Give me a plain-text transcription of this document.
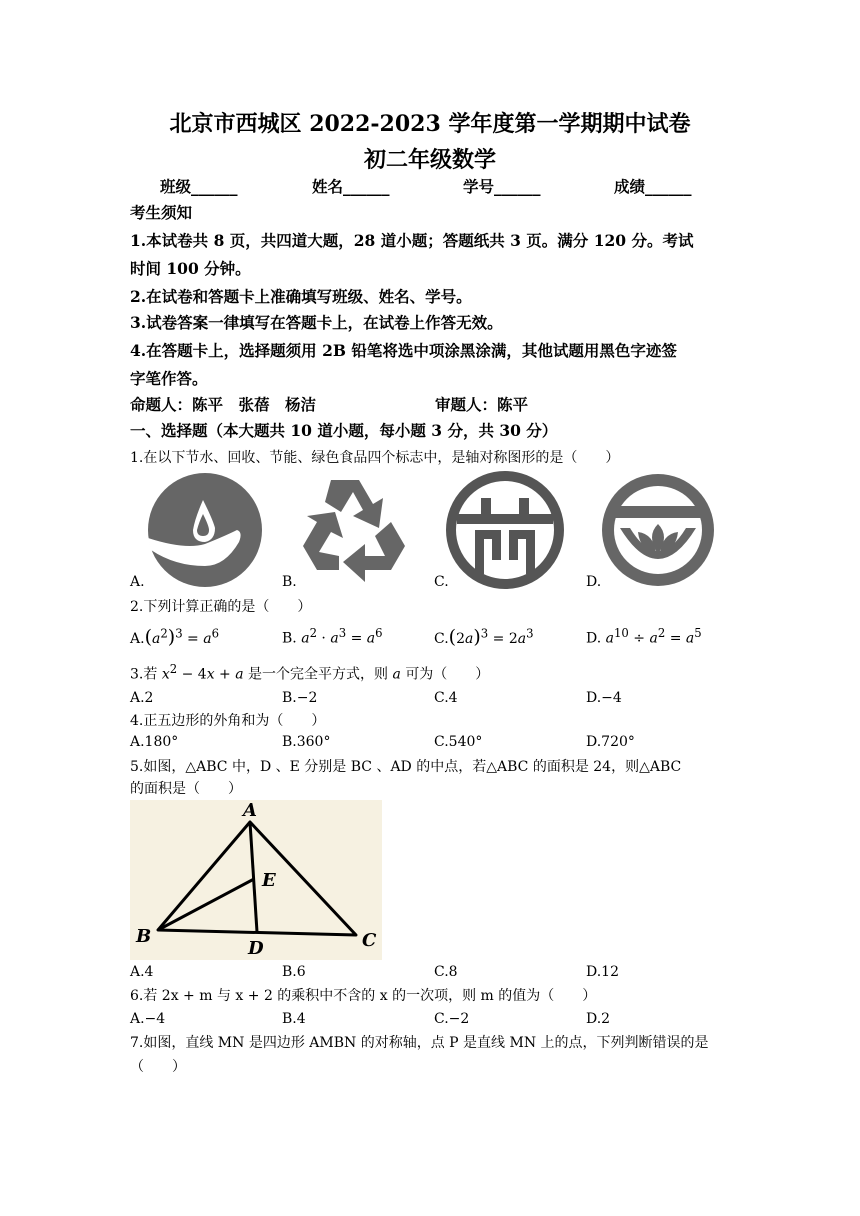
北京市西城区 2022-2023 学年度第一学期期中试卷
初二年级数学
班级______	姓名______	学号______	成绩______
考生须知
1.本试卷共 8 页，共四道大题，28 道小题；答题纸共 3 页。满分 120 分。考试
时间 100 分钟。
2.在试卷和答题卡上准确填写班级、姓名、学号。
3.试卷答案一律填写在答题卡上，在试卷上作答无效。
4.在答题卡上，选择题须用 2B 铅笔将选中项涂黑涂满，其他试题用黑色字迹签
字笔作答。
命题人：陈平　张蓓　杨洁	审题人：陈平
一、选择题（本大题共 10 道小题，每小题 3 分，共 30 分）
1.在以下节水、回收、节能、绿色食品四个标志中，是轴对称图形的是（　　）
A.	B.	C.	D.
2.下列计算正确的是（　　）
$A.(a^2)^3 = a^6$	B. $a^2 \cdot a^3 = a^6$	$C.(2a)^3 = 2a^3$	D. $a^{10} \div a^2 = a^5$
3.若 $x^2 - 4x + a$ 是一个完全平方式，则 a 可为（　　）
A.2	B.−2	C.4	D.−4
4.正五边形的外角和为（　　）
A.180°	B.360°	C.540°	D.720°
5.如图，△ABC 中，D 、E 分别是 BC 、AD 的中点，若△ABC 的面积是 24，则△ABC
的面积是（　　）
A
E
B
D	C
A.4	B.6	C.8	D.12
6.若 2x + m 与 x + 2 的乘积中不含的 x 的一次项，则 m 的值为（　　）
A.−4	B.4	C.−2	D.2
7.如图，直线 MN 是四边形 AMBN 的对称轴，点 P 是直线 MN 上的点，下列判断错误的是
（　　）
